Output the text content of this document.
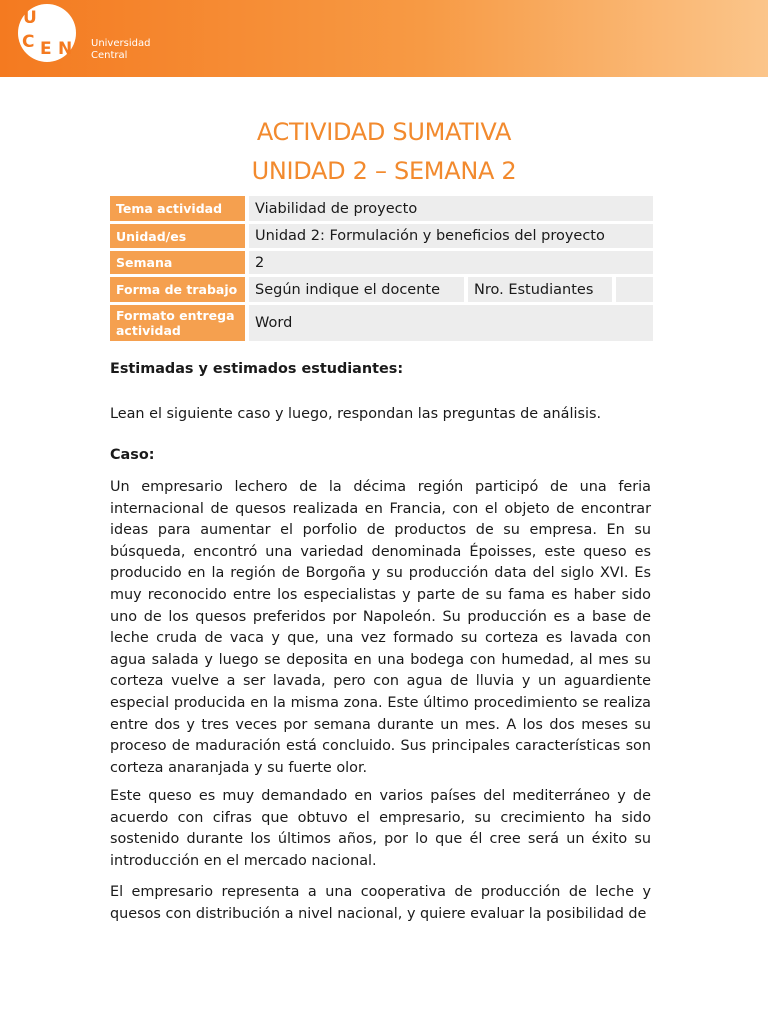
U
C E N Universidad
Central
ACTIVIDAD SUMATIVA
UNIDAD 2 – SEMANA 2
Tema actividad	Viabilidad de proyecto
Unidad/es	Unidad 2: Formulación y beneficios del proyecto
Semana	2
Forma de trabajo	Según indique el docente	Nro. Estudiantes
Formato entrega actividad	Word
Estimadas y estimados estudiantes:
Lean el siguiente caso y luego, respondan las preguntas de análisis.
Caso:
Un empresario lechero de la décima región participó de una feria internacional de quesos realizada en Francia, con el objeto de encontrar ideas para aumentar el porfolio de productos de su empresa. En su búsqueda, encontró una variedad denominada Époisses, este queso es producido en la región de Borgoña y su producción data del siglo XVI. Es muy reconocido entre los especialistas y parte de su fama es haber sido uno de los quesos preferidos por Napoleón. Su producción es a base de leche cruda de vaca y que, una vez formado su corteza es lavada con agua salada y luego se deposita en una bodega con humedad, al mes su corteza vuelve a ser lavada, pero con agua de lluvia y un aguardiente especial producida en la misma zona. Este último procedimiento se realiza entre dos y tres veces por semana durante un mes. A los dos meses su proceso de maduración está concluido. Sus principales características son corteza anaranjada y su fuerte olor.
Este queso es muy demandado en varios países del mediterráneo y de acuerdo con cifras que obtuvo el empresario, su crecimiento ha sido sostenido durante los últimos años, por lo que él cree será un éxito su introducción en el mercado nacional.
El empresario representa a una cooperativa de producción de leche y quesos con distribución a nivel nacional, y quiere evaluar la posibilidad de
